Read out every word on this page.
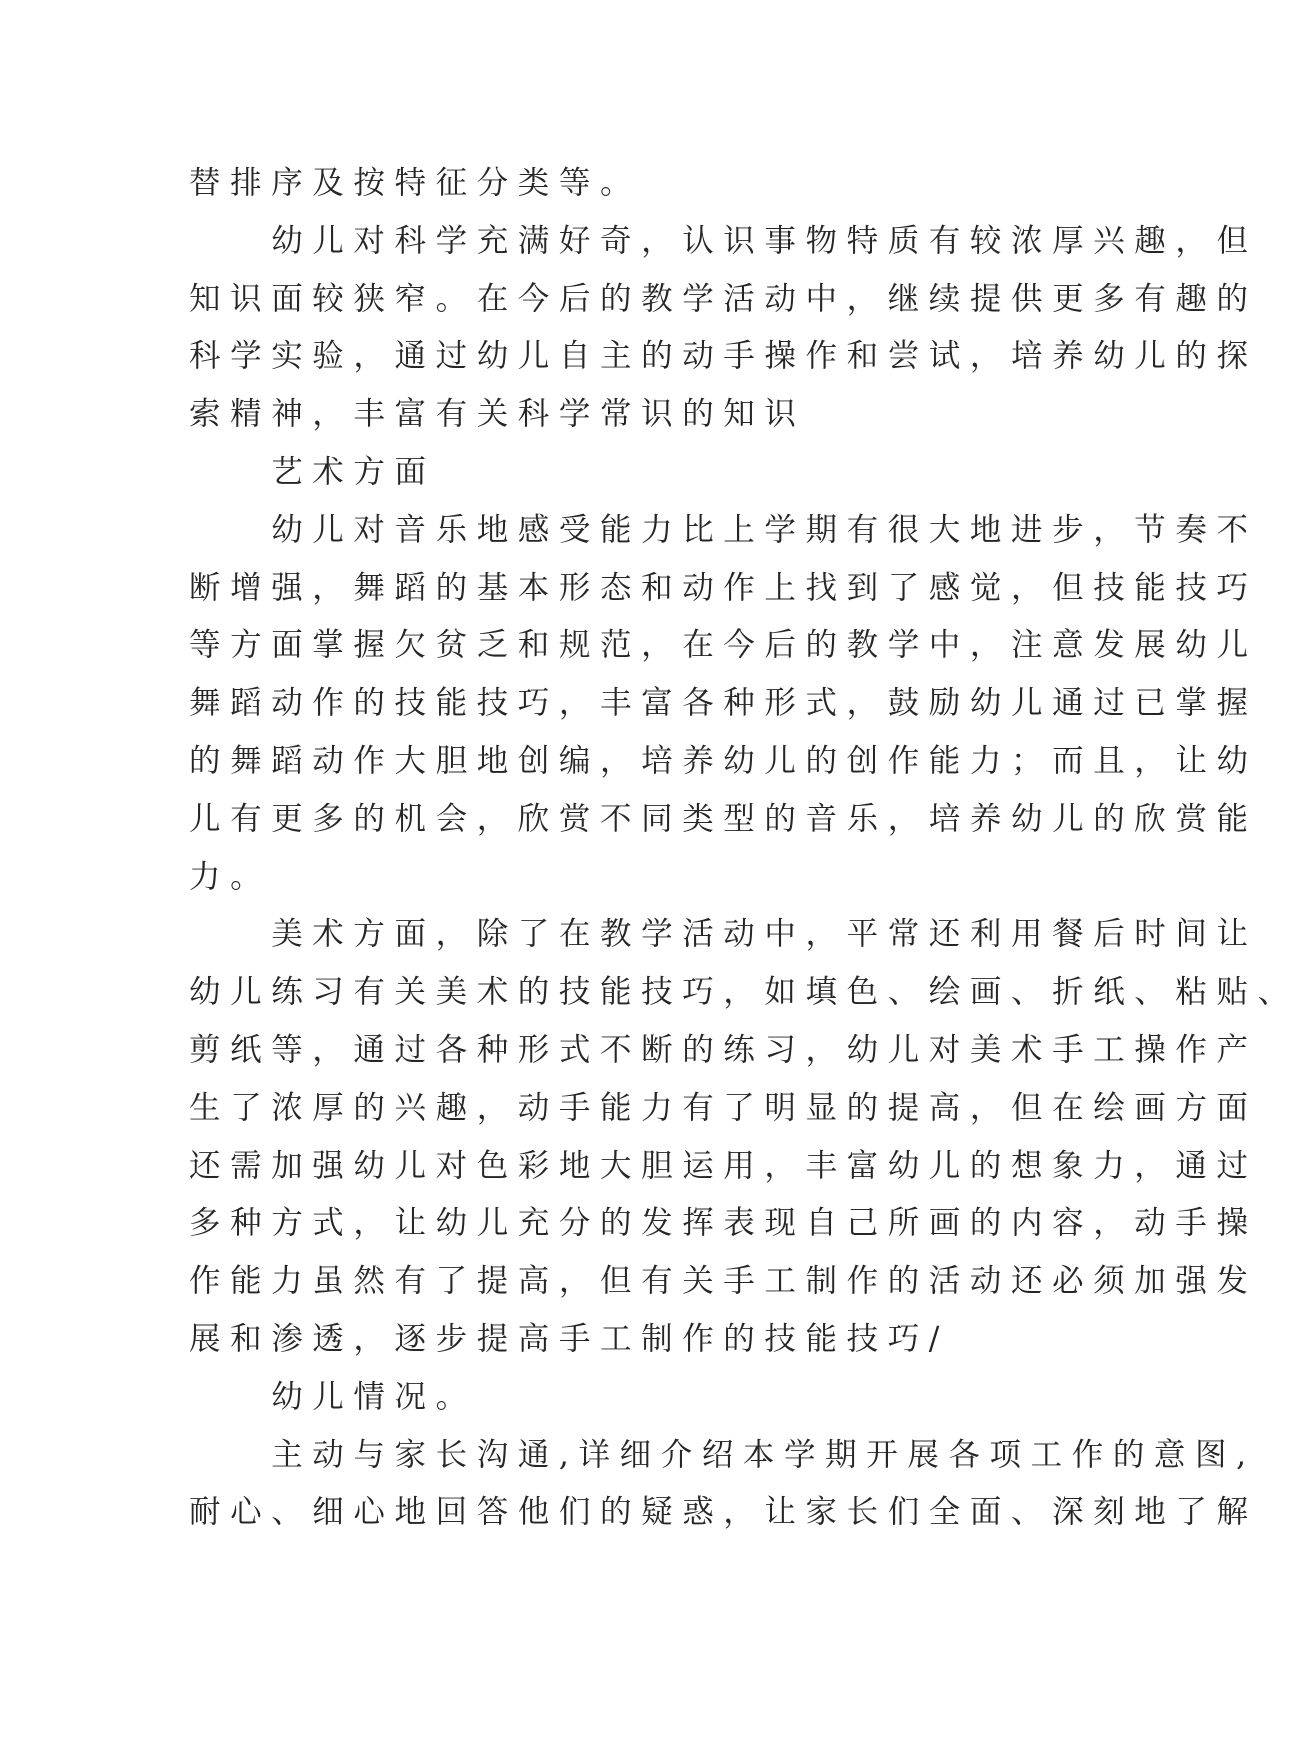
替排序及按特征分类等。
　　幼儿对科学充满好奇，认识事物特质有较浓厚兴趣，但
知识面较狭窄。在今后的教学活动中，继续提供更多有趣的
科学实验，通过幼儿自主的动手操作和尝试，培养幼儿的探
索精神，丰富有关科学常识的知识
　　艺术方面
　　幼儿对音乐地感受能力比上学期有很大地进步，节奏不
断增强，舞蹈的基本形态和动作上找到了感觉，但技能技巧
等方面掌握欠贫乏和规范，在今后的教学中，注意发展幼儿
舞蹈动作的技能技巧，丰富各种形式，鼓励幼儿通过已掌握
的舞蹈动作大胆地创编，培养幼儿的创作能力；而且，让幼
儿有更多的机会，欣赏不同类型的音乐，培养幼儿的欣赏能
力。
　　美术方面，除了在教学活动中，平常还利用餐后时间让
幼儿练习有关美术的技能技巧，如填色、绘画、折纸、粘贴、
剪纸等，通过各种形式不断的练习，幼儿对美术手工操作产
生了浓厚的兴趣，动手能力有了明显的提高，但在绘画方面
还需加强幼儿对色彩地大胆运用，丰富幼儿的想象力，通过
多种方式，让幼儿充分的发挥表现自己所画的内容，动手操
作能力虽然有了提高，但有关手工制作的活动还必须加强发
展和渗透，逐步提高手工制作的技能技巧/
　　幼儿情况。
　　主动与家长沟通,详细介绍本学期开展各项工作的意图,
耐心、细心地回答他们的疑惑，让家长们全面、深刻地了解
